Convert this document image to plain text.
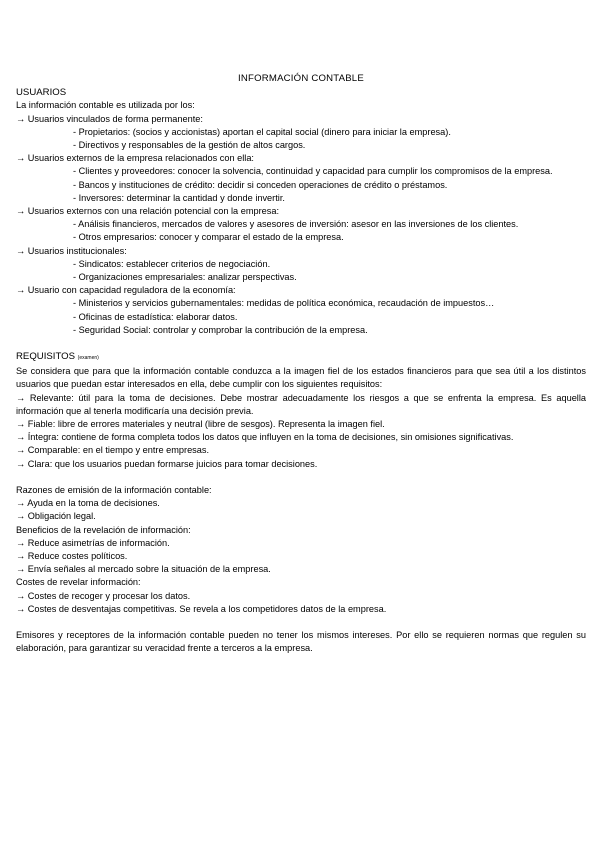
INFORMACIÓN CONTABLE
USUARIOS
La información contable es utilizada por los:
→ Usuarios vinculados de forma permanente:
- Propietarios: (socios y accionistas) aportan el capital social (dinero para iniciar la empresa).
- Directivos y responsables de la gestión de altos cargos.
→ Usuarios externos de la empresa relacionados con ella:
- Clientes y proveedores: conocer la solvencia, continuidad y capacidad para cumplir los compromisos de la empresa.
- Bancos y instituciones de crédito: decidir si conceden operaciones de crédito o préstamos.
- Inversores: determinar la cantidad y donde invertir.
→ Usuarios externos con una relación potencial con la empresa:
- Análisis financieros, mercados de valores y asesores de inversión: asesor en las inversiones de los clientes.
- Otros empresarios: conocer y comparar el estado de la empresa.
→ Usuarios institucionales:
- Sindicatos: establecer criterios de negociación.
- Organizaciones empresariales: analizar perspectivas.
→ Usuario con capacidad reguladora de la economía:
- Ministerios y servicios gubernamentales: medidas de política económica, recaudación de impuestos…
- Oficinas de estadística: elaborar datos.
- Seguridad Social: controlar y comprobar la contribución de la empresa.
REQUISITOS (examen)
Se considera que para que la información contable conduzca a la imagen fiel de los estados financieros para que sea útil a los distintos usuarios que puedan estar interesados en ella, debe cumplir con los siguientes requisitos:
→ Relevante: útil para la toma de decisiones. Debe mostrar adecuadamente los riesgos a que se enfrenta la empresa. Es aquella información que al tenerla modificaría una decisión previa.
→ Fiable: libre de errores materiales y neutral (libre de sesgos). Representa la imagen fiel.
→ Íntegra: contiene de forma completa todos los datos que influyen en la toma de decisiones, sin omisiones significativas.
→ Comparable: en el tiempo y entre empresas.
→ Clara: que los usuarios puedan formarse juicios para tomar decisiones.
Razones de emisión de la información contable:
→ Ayuda en la toma de decisiones.
→ Obligación legal.
Beneficios de la revelación de información:
→ Reduce asimetrías de información.
→ Reduce costes políticos.
→ Envía señales al mercado sobre la situación de la empresa.
Costes de revelar información:
→ Costes de recoger y procesar los datos.
→ Costes de desventajas competitivas. Se revela a los competidores datos de la empresa.
Emisores y receptores de la información contable pueden no tener los mismos intereses. Por ello se requieren normas que regulen su elaboración, para garantizar su veracidad frente a terceros a la empresa.
